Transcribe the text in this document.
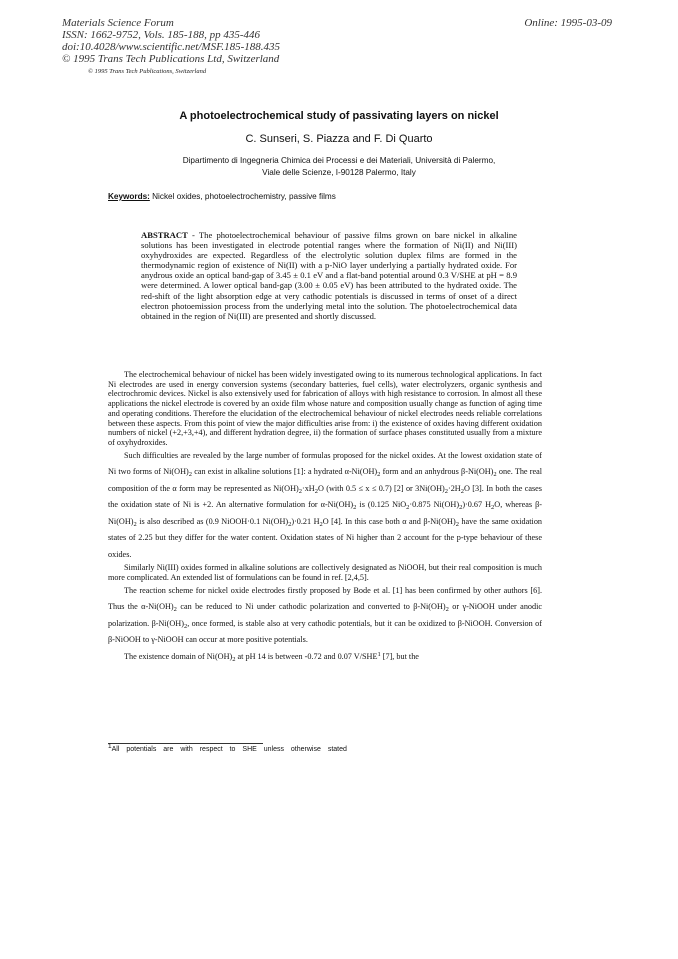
Materials Science Forum
ISSN: 1662-9752, Vols. 185-188, pp 435-446
doi:10.4028/www.scientific.net/MSF.185-188.435
© 1995 Trans Tech Publications Ltd, Switzerland
Online: 1995-03-09
© 1995 Trans Tech Publications, Switzerland
A photoelectrochemical study of passivating layers on nickel
C. Sunseri, S. Piazza and F. Di Quarto
Dipartimento di Ingegneria Chimica dei Processi e dei Materiali, Università di Palermo,
Viale delle Scienze, I-90128 Palermo, Italy
Keywords: Nickel oxides, photoelectrochemistry, passive films
ABSTRACT - The photoelectrochemical behaviour of passive films grown on bare nickel in alkaline solutions has been investigated in electrode potential ranges where the formation of Ni(II) and Ni(III) oxyhydroxides are expected. Regardless of the electrolytic solution duplex films are formed in the thermodynamic region of existence of Ni(II) with a p-NiO layer underlying a partially hydrated oxide. For anydrous oxide an optical band-gap of 3.45 ± 0.1 eV and a flat-band potential around 0.3 V/SHE at pH = 8.9 were determined. A lower optical band-gap (3.00 ± 0.05 eV) has been attributed to the hydrated oxide. The red-shift of the light absorption edge at very cathodic potentials is discussed in terms of onset of a direct electron photoemission process from the underlying metal into the solution. The photoelectrochemical data obtained in the region of Ni(III) are presented and shortly discussed.

The electrochemical behaviour of nickel has been widely investigated owing to its numerous technological applications. In fact Ni electrodes are used in energy conversion systems (secondary batteries, fuel cells), water electrolyzers, organic synthesis and electrochromic devices. Nickel is also extensively used for fabrication of alloys with high resistance to corrosion. In almost all these applications the nickel electrode is covered by an oxide film whose nature and composition usually change as function of aging time and operating conditions. Therefore the elucidation of the electrochemical behaviour of nickel electrodes needs reliable correlations between these aspects. From this point of view the major difficulties arise from: i) the existence of oxides having different oxidation numbers of nickel (+2,+3,+4), and different hydration degree, ii) the formation of surface phases constituted usually from a mixture of oxyhydroxides.

Such difficulties are revealed by the large number of formulas proposed for the nickel oxides. At the lowest oxidation state of Ni two forms of $Ni(OH)_2$ can exist in alkaline solutions [1]: a hydrated $\alpha-Ni(OH)_2$ form and an anhydrous $\beta-Ni(OH)_2$ one. The real composition of the α form may be represented as $Ni(OH)_2\cdot xH_2O$ (with 0.5 ≤ x ≤ 0.7) [2] or $3Ni(OH)_2\cdot 2H_2O$ [3]. In both the cases the oxidation state of Ni is +2. An alternative formulation for $\alpha-Ni(OH)_2$ is (0.125 NiO$_2$·0.875 $Ni(OH)_2)\cdot 0.67$ $H_2O$, whereas $\beta-Ni(OH)_2$ is also described as (0.9 NiOOH·0.1 $Ni(OH)_2)\cdot 0.21$ $H_2O$ [4]. In this case both α and $\beta-Ni(OH)_2$ have the same oxidation states of 2.25 but they differ for the water content. Oxidation states of Ni higher than 2 account for the p-type behaviour of these oxides.

Similarly Ni(III) oxides formed in alkaline solutions are collectively designated as NiOOH, but their real composition is much more complicated. An extended list of formulations can be found in ref. [2,4,5].

The reaction scheme for nickel oxide electrodes firstly proposed by Bode et al. [1] has been confirmed by other authors [6]. Thus the $\alpha-Ni(OH)_2$ can be reduced to Ni under cathodic polarization and converted to $\beta-Ni(OH)_2$ or γ-NiOOH under anodic polarization. $\beta-Ni(OH)_2$, once formed, is stable also at very cathodic potentials, but it can be oxidized to β-NiOOH. Conversion of β-NiOOH to γ-NiOOH can occur at more positive potentials.

The existence domain of $Ni(OH)_2$ at pH 14 is between -0.72 and 0.07 V/SHE$^1$ [7], but the

$^1$All potentials are with respect to SHE unless otherwise stated
